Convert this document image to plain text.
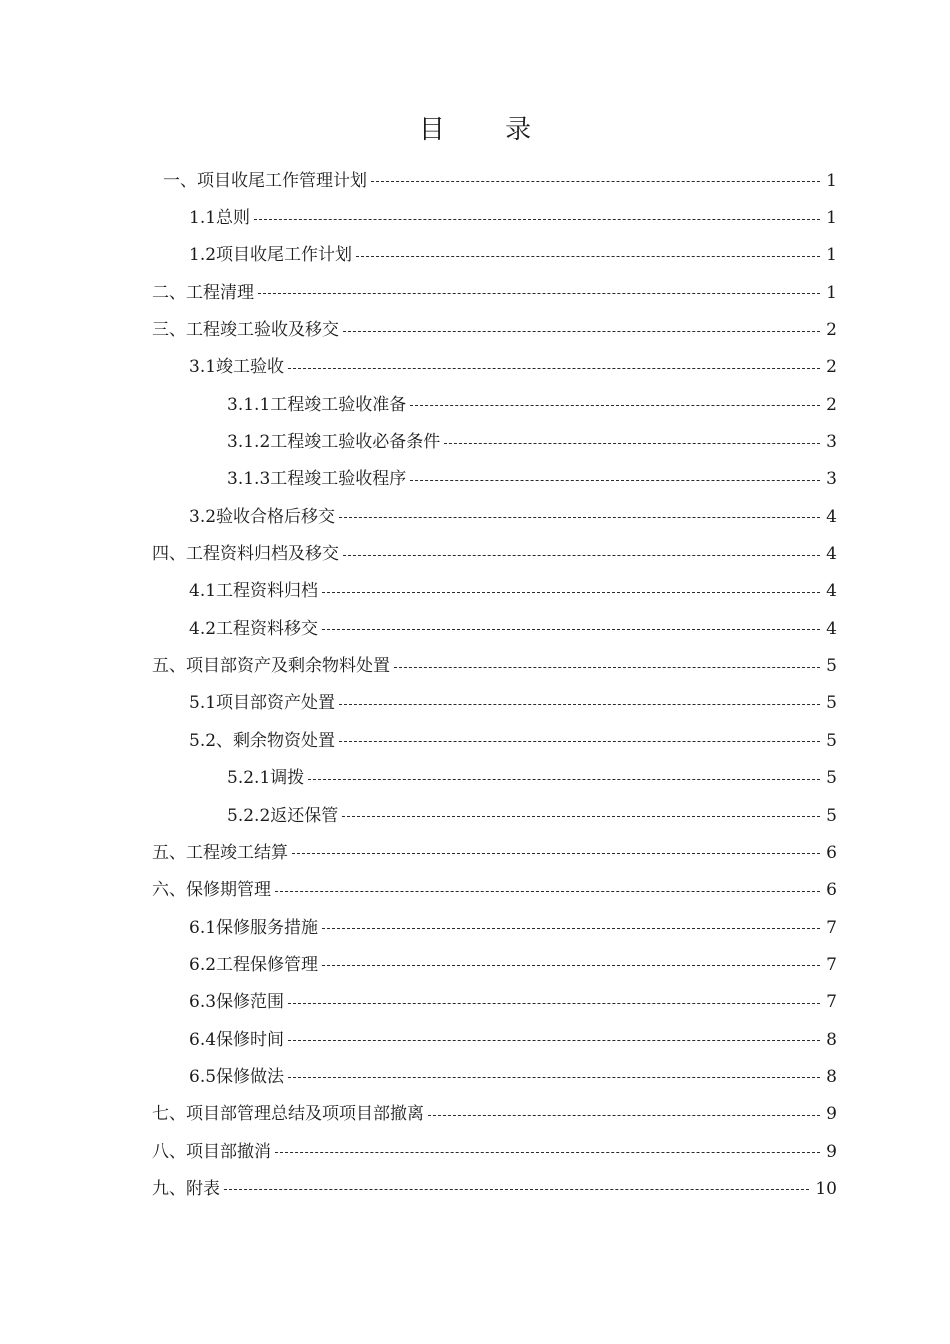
目 录
一、项目收尾工作管理计划	1
1.1总则	1
1.2项目收尾工作计划	1
二、工程清理	1
三、工程竣工验收及移交	2
3.1竣工验收	2
3.1.1工程竣工验收准备	2
3.1.2工程竣工验收必备条件	3
3.1.3工程竣工验收程序	3
3.2验收合格后移交	4
四、工程资料归档及移交	4
4.1工程资料归档	4
4.2工程资料移交	4
五、项目部资产及剩余物料处置	5
5.1项目部资产处置	5
5.2、剩余物资处置	5
5.2.1调拨	5
5.2.2返还保管	5
五、工程竣工结算	6
六、保修期管理	6
6.1保修服务措施	7
6.2工程保修管理	7
6.3保修范围	7
6.4保修时间	8
6.5保修做法	8
七、项目部管理总结及项项目部撤离	9
八、项目部撤消	9
九、附表	10
